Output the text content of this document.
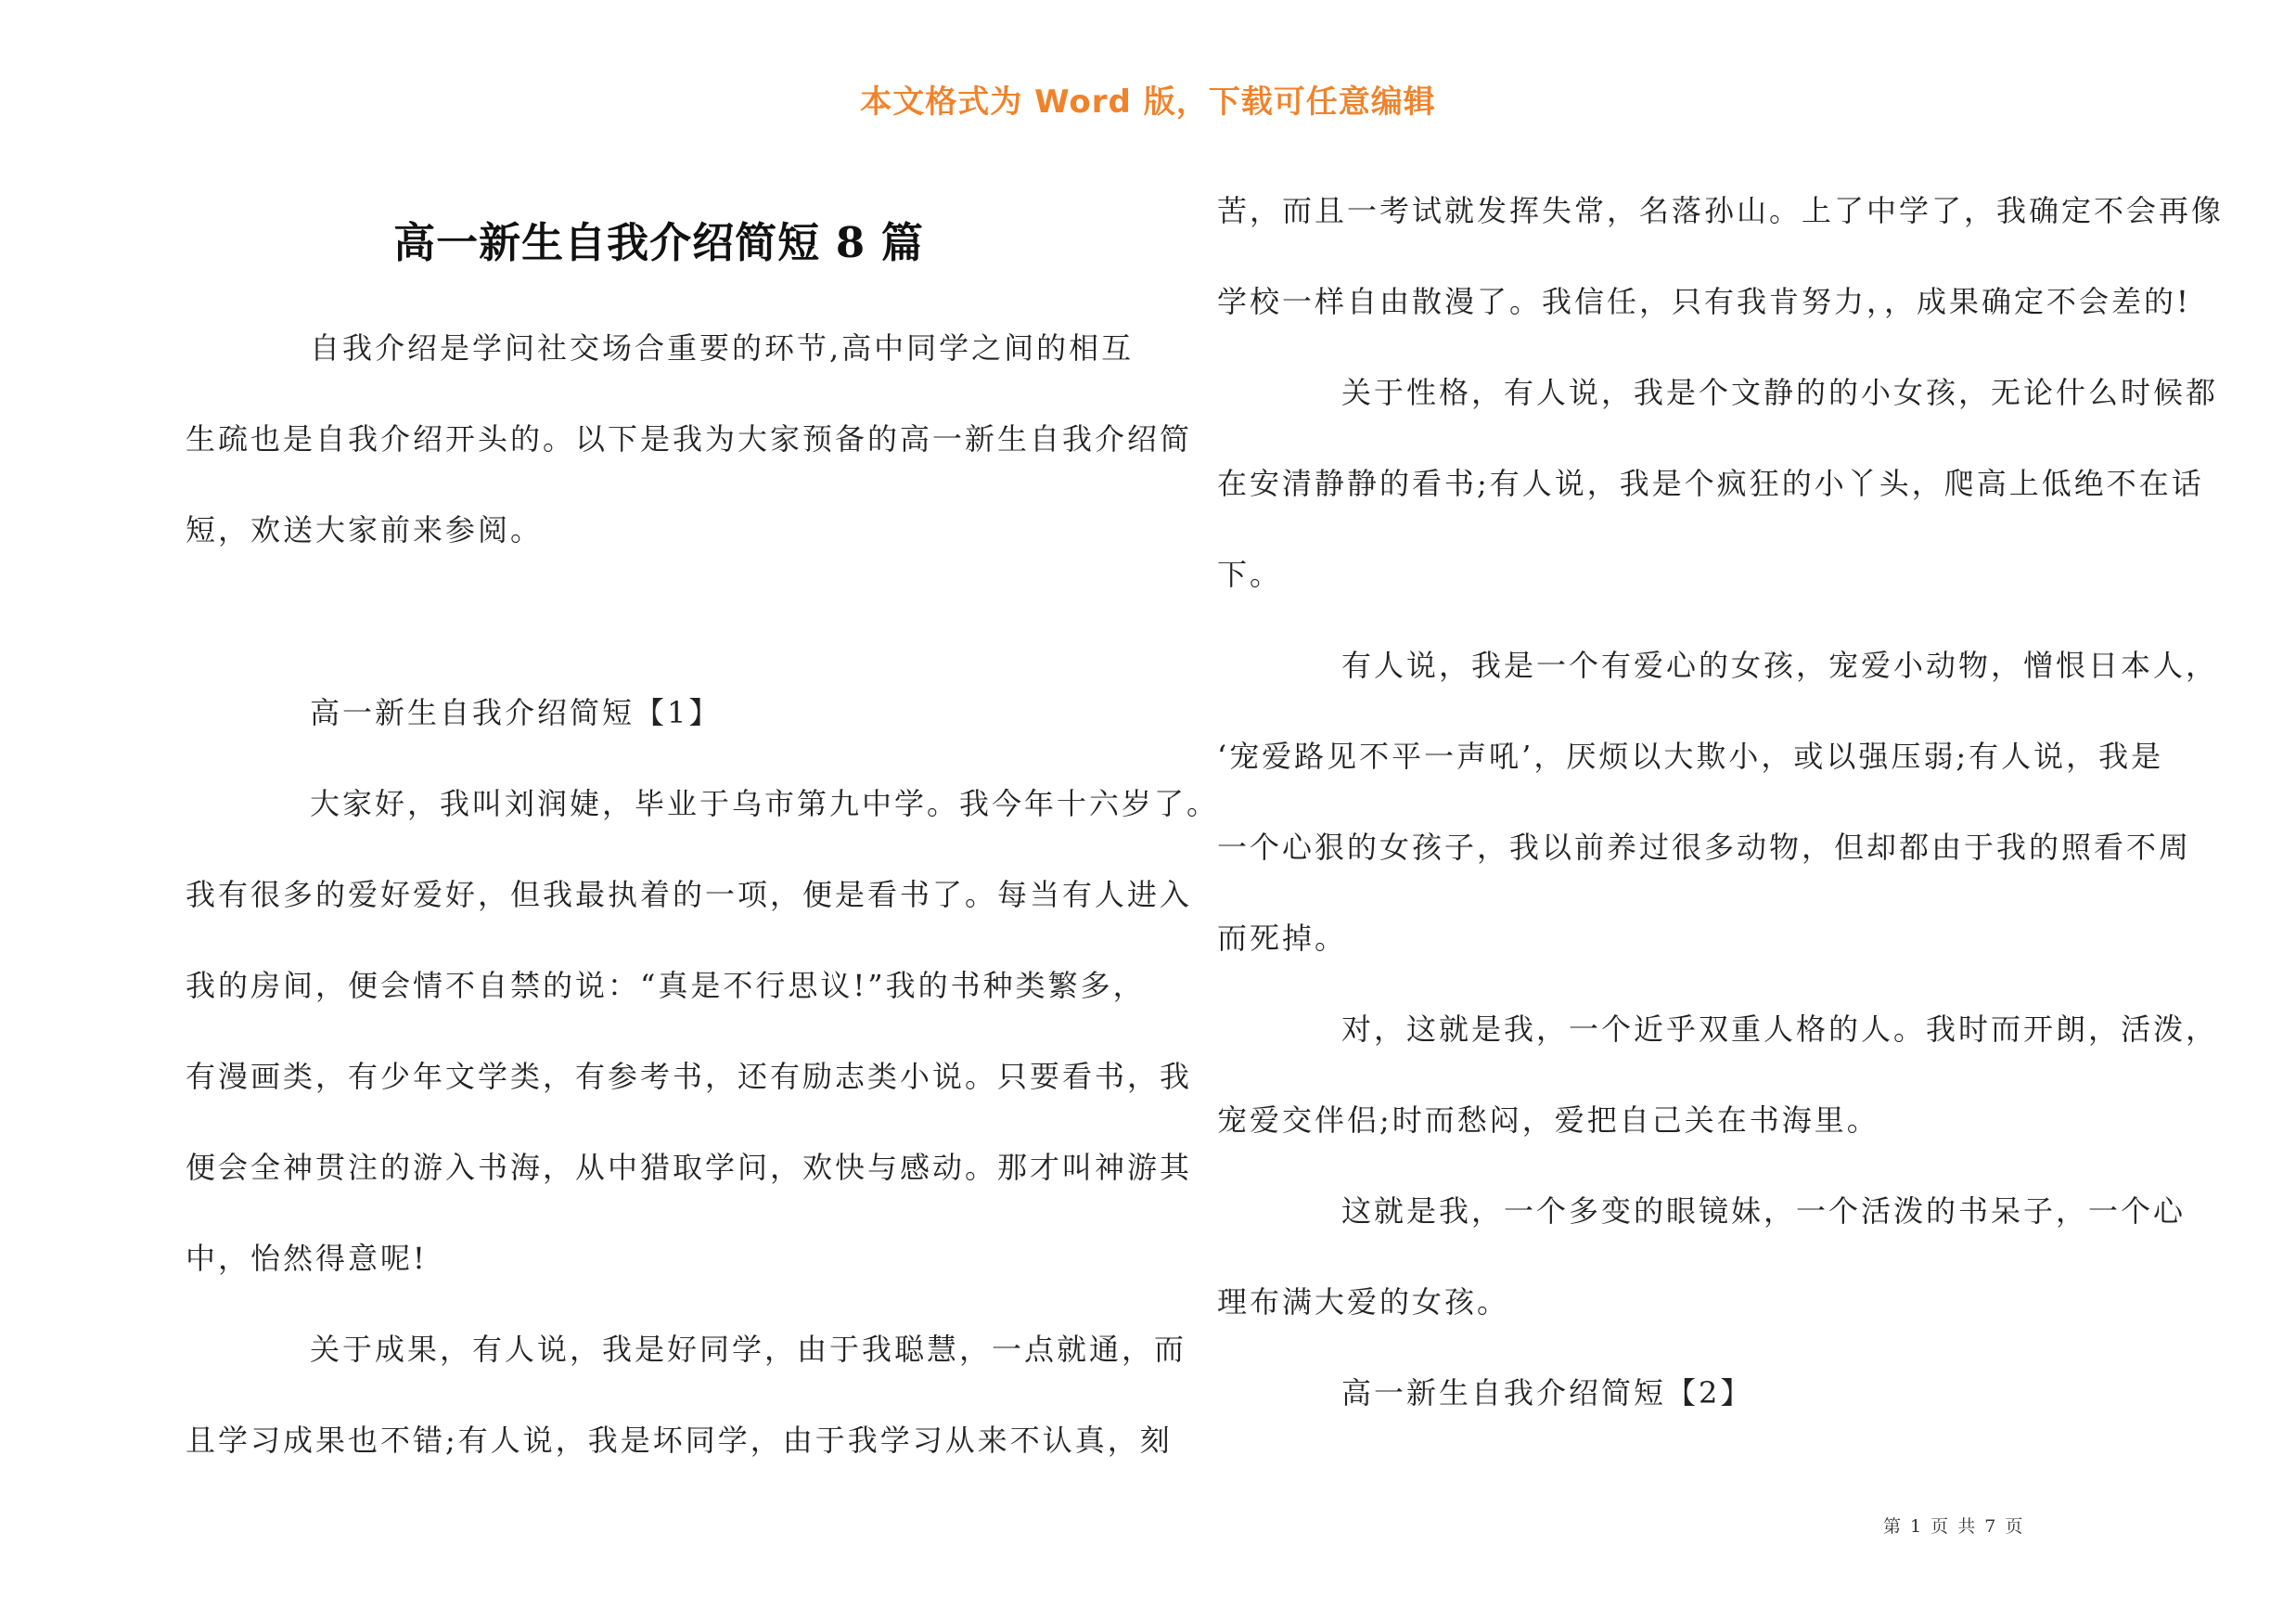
本文格式为 Word 版，下载可任意编辑
高一新生自我介绍简短 8 篇
自我介绍是学问社交场合重要的环节,高中同学之间的相互
生疏也是自我介绍开头的。以下是我为大家预备的高一新生自我介绍简
短，欢送大家前来参阅。
高一新生自我介绍简短【1】
大家好，我叫刘润婕，毕业于乌市第九中学。我今年十六岁了。
我有很多的爱好爱好，但我最执着的一项，便是看书了。每当有人进入
我的房间，便会情不自禁的说：“真是不行思议!”我的书种类繁多，
有漫画类，有少年文学类，有参考书，还有励志类小说。只要看书，我
便会全神贯注的游入书海，从中猎取学问，欢快与感动。那才叫神游其
中，怡然得意呢!
关于成果，有人说，我是好同学，由于我聪慧，一点就通，而
且学习成果也不错;有人说，我是坏同学，由于我学习从来不认真，刻
苦，而且一考试就发挥失常，名落孙山。上了中学了，我确定不会再像
学校一样自由散漫了。我信任，只有我肯努力，，成果确定不会差的!
关于性格，有人说，我是个文静的的小女孩，无论什么时候都
在安清静静的看书;有人说，我是个疯狂的小丫头，爬高上低绝不在话
下。
有人说，我是一个有爱心的女孩，宠爱小动物，憎恨日本人，
‘宠爱路见不平一声吼’，厌烦以大欺小，或以强压弱;有人说，我是
一个心狠的女孩子，我以前养过很多动物，但却都由于我的照看不周
而死掉。
对，这就是我，一个近乎双重人格的人。我时而开朗，活泼，
宠爱交伴侣;时而愁闷，爱把自己关在书海里。
这就是我，一个多变的眼镜妹，一个活泼的书呆子，一个心
理布满大爱的女孩。
高一新生自我介绍简短【2】
第 1 页 共 7 页
